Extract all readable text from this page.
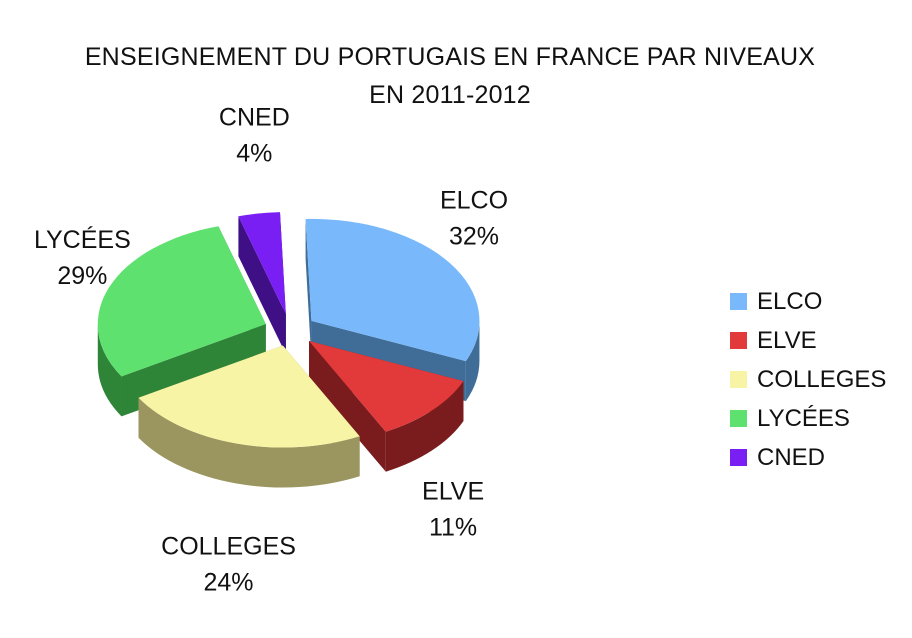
ENSEIGNEMENT DU PORTUGAIS EN FRANCE PAR NIVEAUX
EN 2011-2012
ELCO 32%
ELVE 11%
COLLEGES 24%
LYCÉES 29%
CNED 4%
ELCO
ELVE
COLLEGES
LYCÉES
CNED
